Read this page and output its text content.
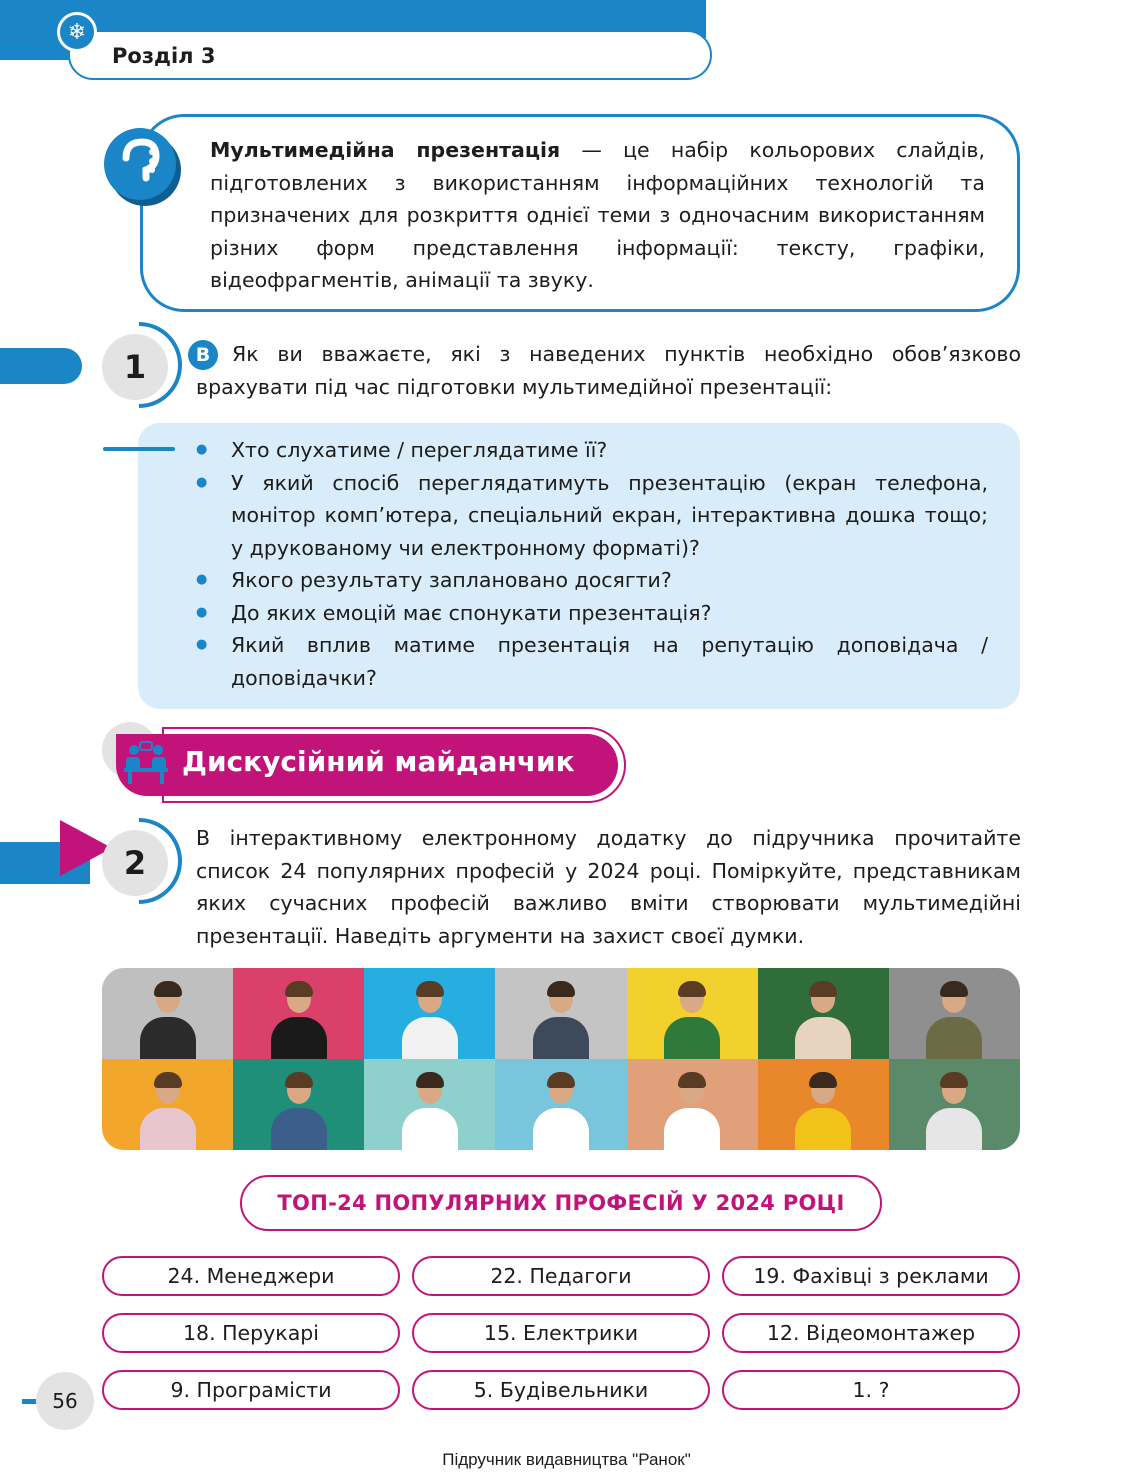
❄
Розділ 3
Мультимедійна презентація — це набір кольорових слайдів, підготовлених з використанням інформаційних технологій та призначених для розкриття однієї теми з одночасним використанням різних форм представлення інформації: тексту, графіки, відеофрагментів, анімації та звуку.
1	В	Як ви вважаєте, які з наведених пунктів необхідно обов’язково врахувати під час підготовки мультимедійної презентації:
● Хто слухатиме / переглядатиме її?
● У який спосіб переглядатимуть презентацію (екран телефона, монітор комп’ютера, спеціальний екран, інтерактивна дошка тощо; у друкованому чи електронному форматі)?
● Якого результату заплановано досягти?
● До яких емоцій має спонукати презентація?
● Який вплив матиме презентація на репутацію доповідача / доповідачки?
Дискусійний майданчик
2
В інтерактивному електронному додатку до підручника прочитайте список 24 популярних професій у 2024 році. Поміркуйте, представникам яких сучасних професій важливо вміти створювати мультимедійні презентації. Наведіть аргументи на захист своєї думки.
ТОП-24 ПОПУЛЯРНИХ ПРОФЕСІЙ У 2024 РОЦІ
24. Менеджери	22. Педагоги	19. Фахівці з реклами
18. Перукарі	15. Електрики	12. Відеомонтажер
9. Програмісти	5. Будівельники	1. ?
56
Підручник видавництва "Ранок"
